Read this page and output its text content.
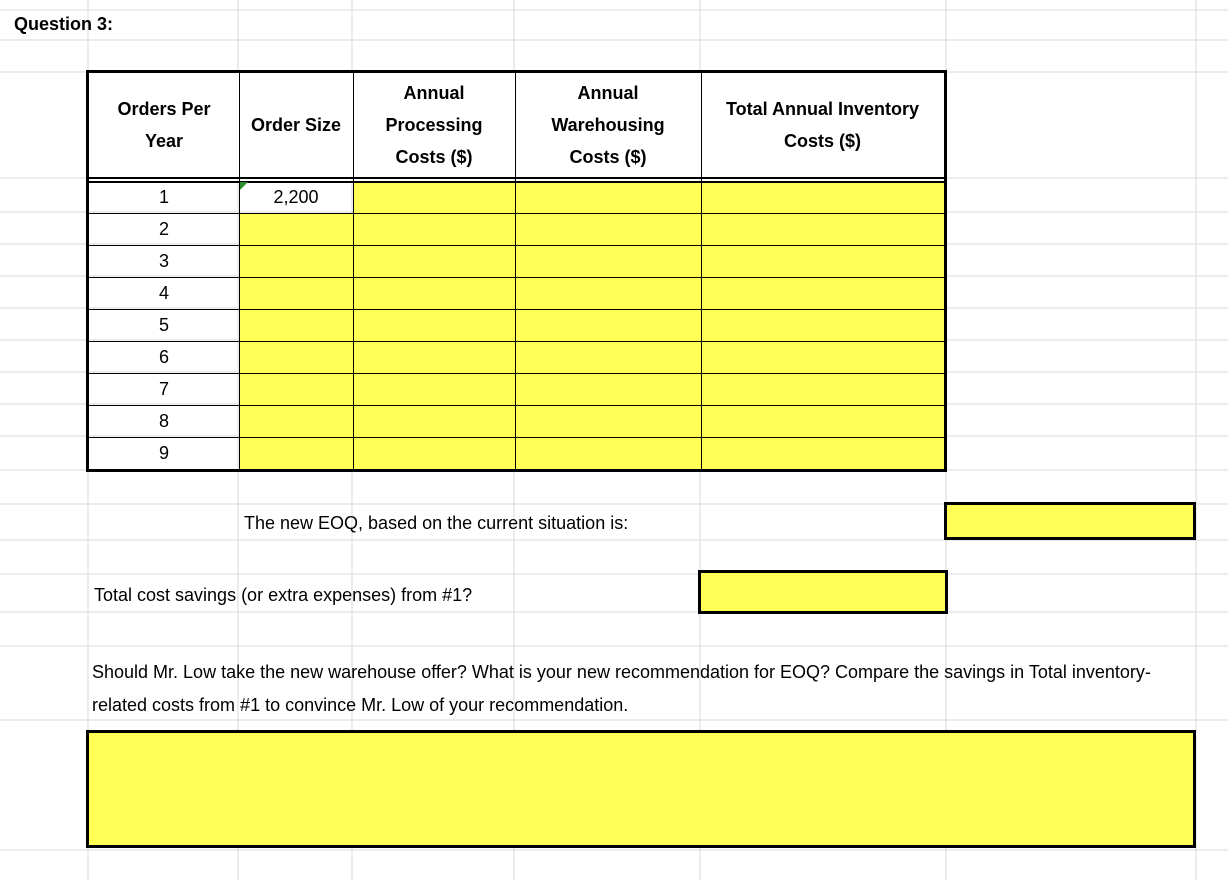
Question 3:
Orders Per
Year
Order Size
Annual
Processing
Costs ($)
Annual
Warehousing
Costs ($)
Total Annual Inventory
Costs ($)
1	2,200
2
3
4
5
6
7
8
9
The new EOQ, based on the current situation is:
Total cost savings (or extra expenses) from #1?
Should Mr. Low take the new warehouse offer? What is your new recommendation for EOQ? Compare the savings in Total inventory-related costs from #1 to convince Mr. Low of your recommendation.
